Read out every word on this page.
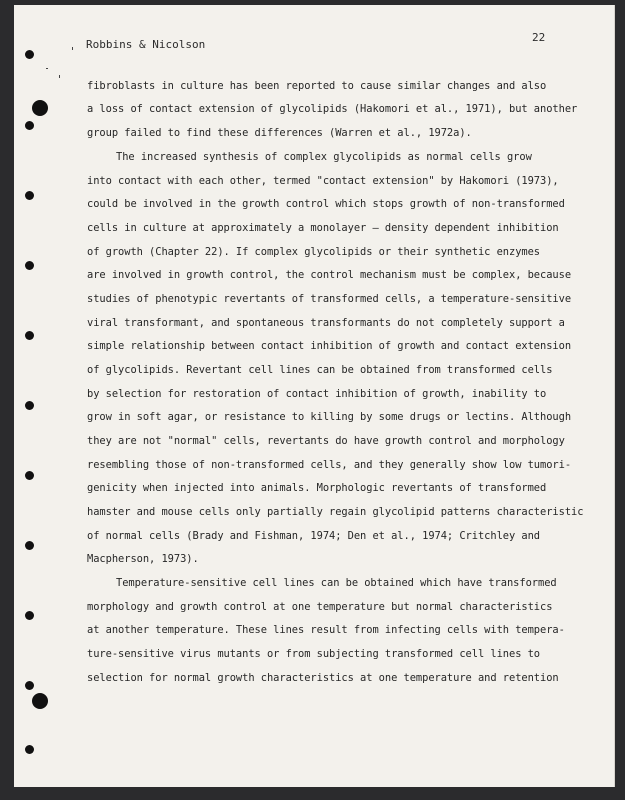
Robbins & Nicolson
22
fibroblasts in culture has been reported to cause similar changes and also
a loss of contact extension of glycolipids (Hakomori et al., 1971), but another
group failed to find these differences (Warren et al., 1972a).
The increased synthesis of complex glycolipids as normal cells grow
into contact with each other, termed "contact extension" by Hakomori (1973),
could be involved in the growth control which stops growth of non-transformed
cells in culture at approximately a monolayer — density dependent inhibition
of growth (Chapter 22). If complex glycolipids or their synthetic enzymes
are involved in growth control, the control mechanism must be complex, because
studies of phenotypic revertants of transformed cells, a temperature-sensitive
viral transformant, and spontaneous transformants do not completely support a
simple relationship between contact inhibition of growth and contact extension
of glycolipids. Revertant cell lines can be obtained from transformed cells
by selection for restoration of contact inhibition of growth, inability to
grow in soft agar, or resistance to killing by some drugs or lectins. Although
they are not "normal" cells, revertants do have growth control and morphology
resembling those of non-transformed cells, and they generally show low tumori-
genicity when injected into animals. Morphologic revertants of transformed
hamster and mouse cells only partially regain glycolipid patterns characteristic
of normal cells (Brady and Fishman, 1974; Den et al., 1974; Critchley and
Macpherson, 1973).
Temperature-sensitive cell lines can be obtained which have transformed
morphology and growth control at one temperature but normal characteristics
at another temperature. These lines result from infecting cells with tempera-
ture-sensitive virus mutants or from subjecting transformed cell lines to
selection for normal growth characteristics at one temperature and retention
